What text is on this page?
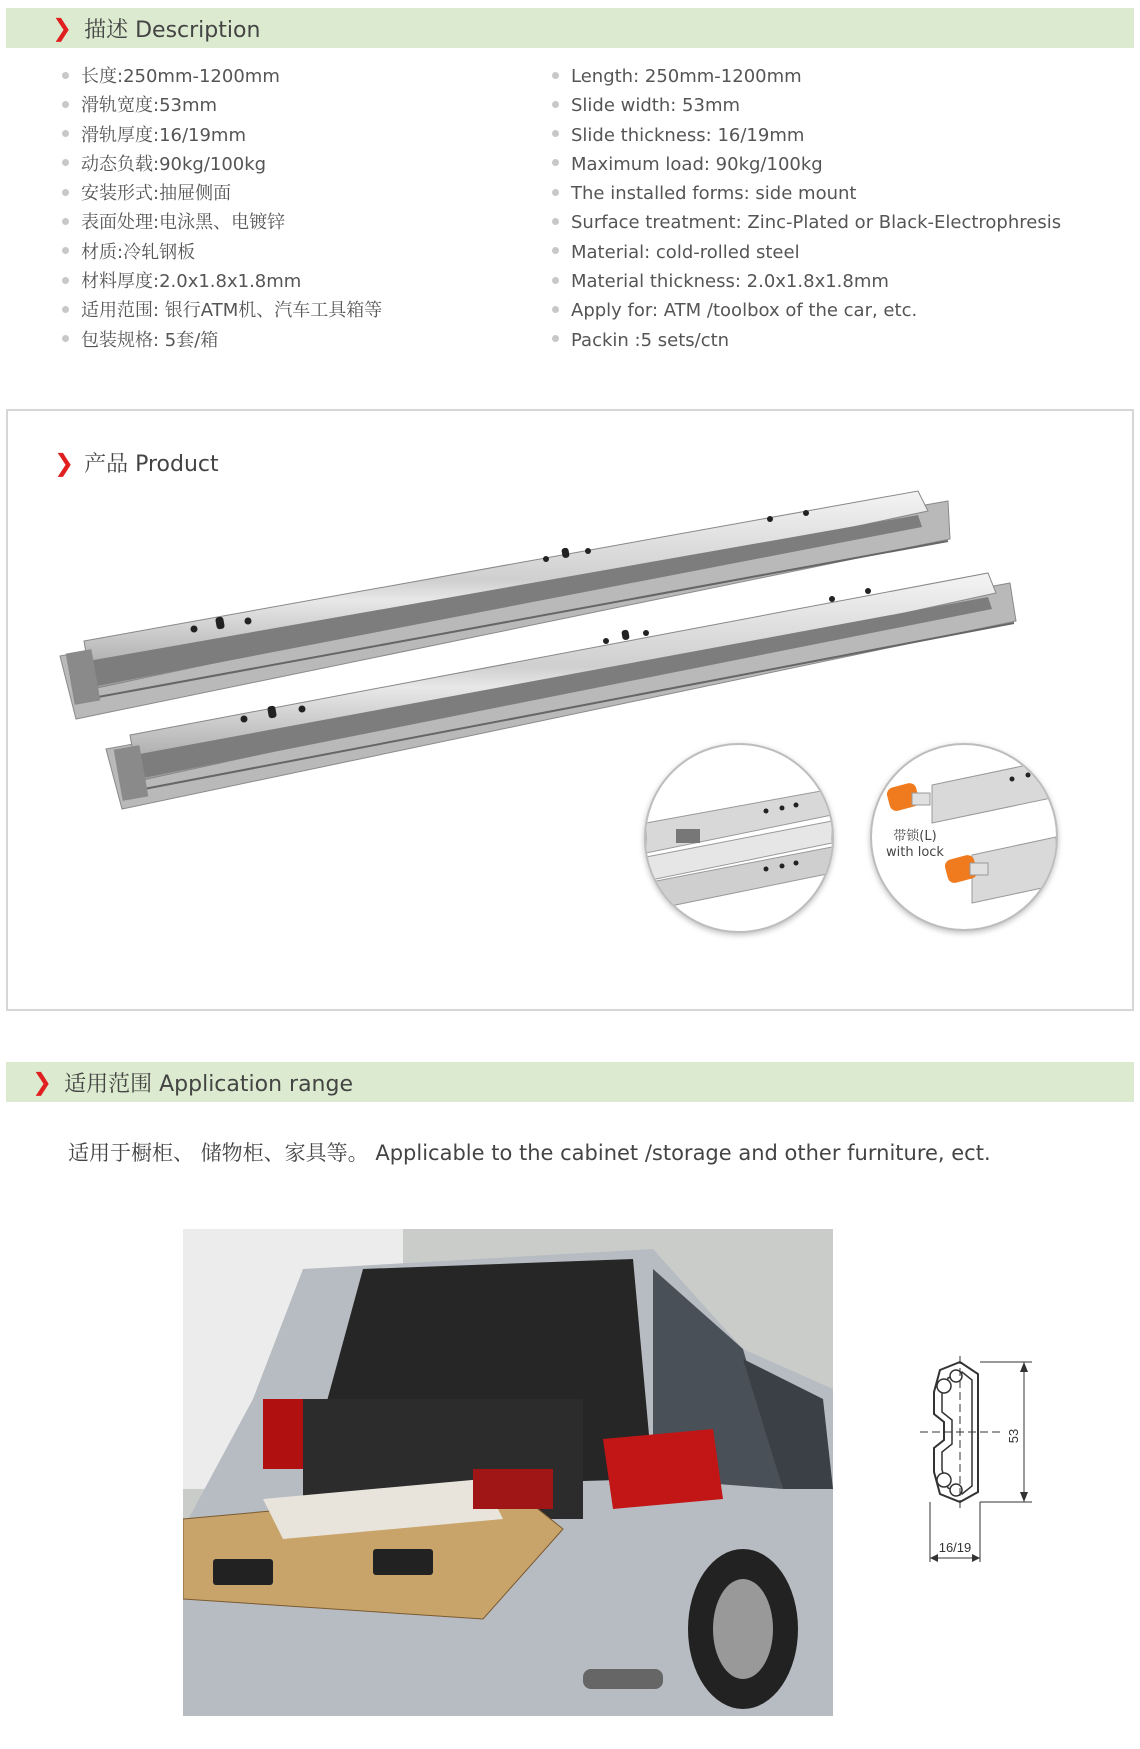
❯ 描述 Description
长度:250mm-1200mm
滑轨宽度:53mm
滑轨厚度:16/19mm
动态负载:90kg/100kg
安装形式:抽屉侧面
表面处理:电泳黑、电镀锌
材质:冷轧钢板
材料厚度:2.0x1.8x1.8mm
适用范围: 银行ATM机、汽车工具箱等
包装规格: 5套/箱
Length: 250mm-1200mm
Slide width: 53mm
Slide thickness: 16/19mm
Maximum load: 90kg/100kg
The installed forms: side mount
Surface treatment: Zinc-Plated or Black-Electrophresis
Material: cold-rolled steel
Material thickness: 2.0x1.8x1.8mm
Apply for: ATM /toolbox of the car, etc.
Packin :5 sets/ctn
❯ 产品 Product
带锁(L)
with lock
❯ 适用范围 Application range
适用于橱柜、 储物柜、家具等。 Applicable to the cabinet /storage and other furniture, ect.
53
16/19
